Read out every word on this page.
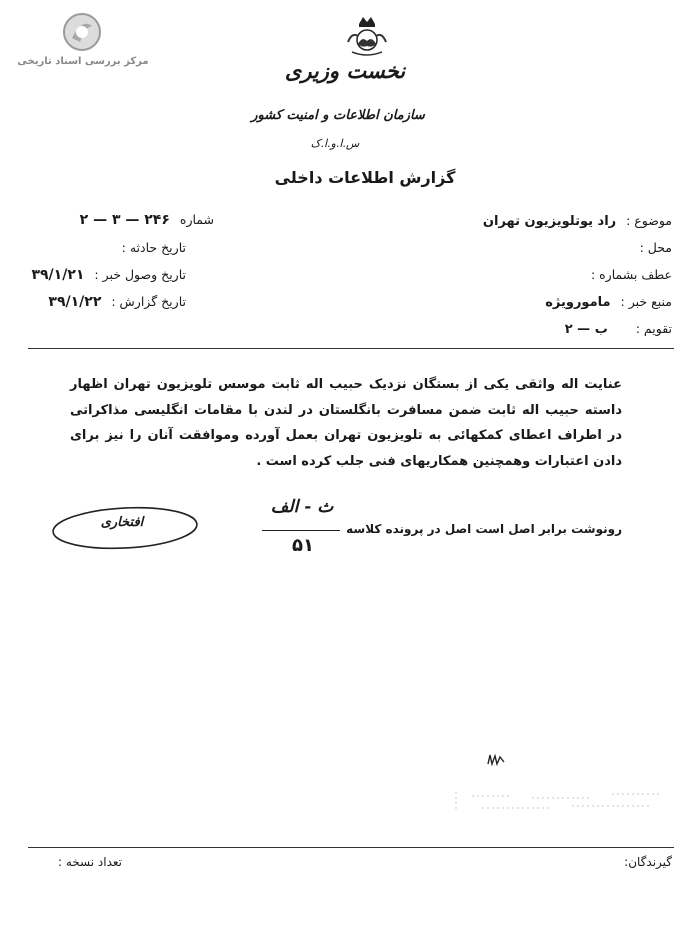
مرکز بررسی اسناد تاریخی	نخست وزیری
سازمان اطلاعات و امنیت کشور
س.ا.و.ا.ک
گزارش اطلاعات داخلی
موضوع : راد یوتلویزیون تهران
محل :
عطف بشماره :
منبع خبر : مامورویژه
تقویم : ب — ۲
شماره ۲۴۶ — ۳ — ۲
تاریخ حادثه :
تاریخ وصول خبر : ۳۹/۱/۲۱
تاریخ گزارش : ۳۹/۱/۲۲
عنایت اله واثقی یکی از بستگان نزدیک حبیب اله ثابت موسس تلویزیون تهران اظهار داسته حبیب اله ثابت ضمن مسافرت بانگلستان در لندن با مقامات انگلیسی مذاکراتی در اطراف اعطای کمکهائی به تلویزیون تهران بعمل آورده وموافقت آنان را نیز برای دادن اعتبارات وهمچنین همکاریهای فنی جلب کرده است .
ث - الف
۵۱
رونوشت برابر اصل است اصل در پرونده کلاسه
افتخاری
گیرندگان:
تعداد نسخه :
